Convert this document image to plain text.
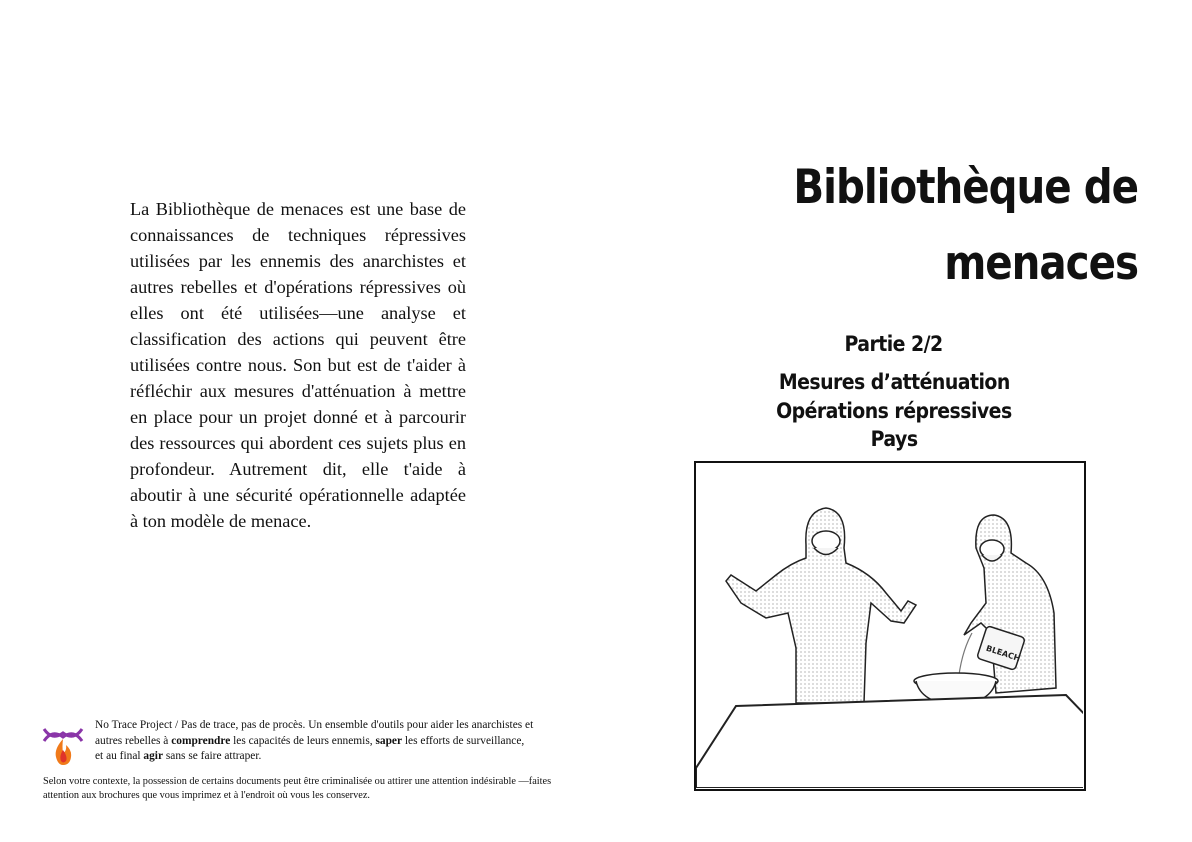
La Bibliothèque de menaces est une base de connaissances de techniques répressives utilisées par les ennemis des anarchistes et autres rebelles et d'opérations répressives où elles ont été utilisées—une analyse et classification des actions qui peuvent être utilisées contre nous. Son but est de t'aider à réfléchir aux mesures d'atténuation à mettre en place pour un projet donné et à parcourir des ressources qui abordent ces sujets plus en profondeur. Autrement dit, elle t'aide à aboutir à une sécurité opérationnelle adaptée à ton modèle de menace.

Bibliothèque de menaces
Partie 2/2
Mesures d’atténuation
Opérations répressives
Pays
BLEACH

No Trace Project / Pas de trace, pas de procès. Un ensemble d'outils pour aider les anarchistes et autres rebelles à comprendre les capacités de leurs ennemis, saper les efforts de surveillance, et au final agir sans se faire attraper.

Selon votre contexte, la possession de certains documents peut être criminalisée ou attirer une attention indésirable —faites attention aux brochures que vous imprimez et à l'endroit où vous les conservez.
